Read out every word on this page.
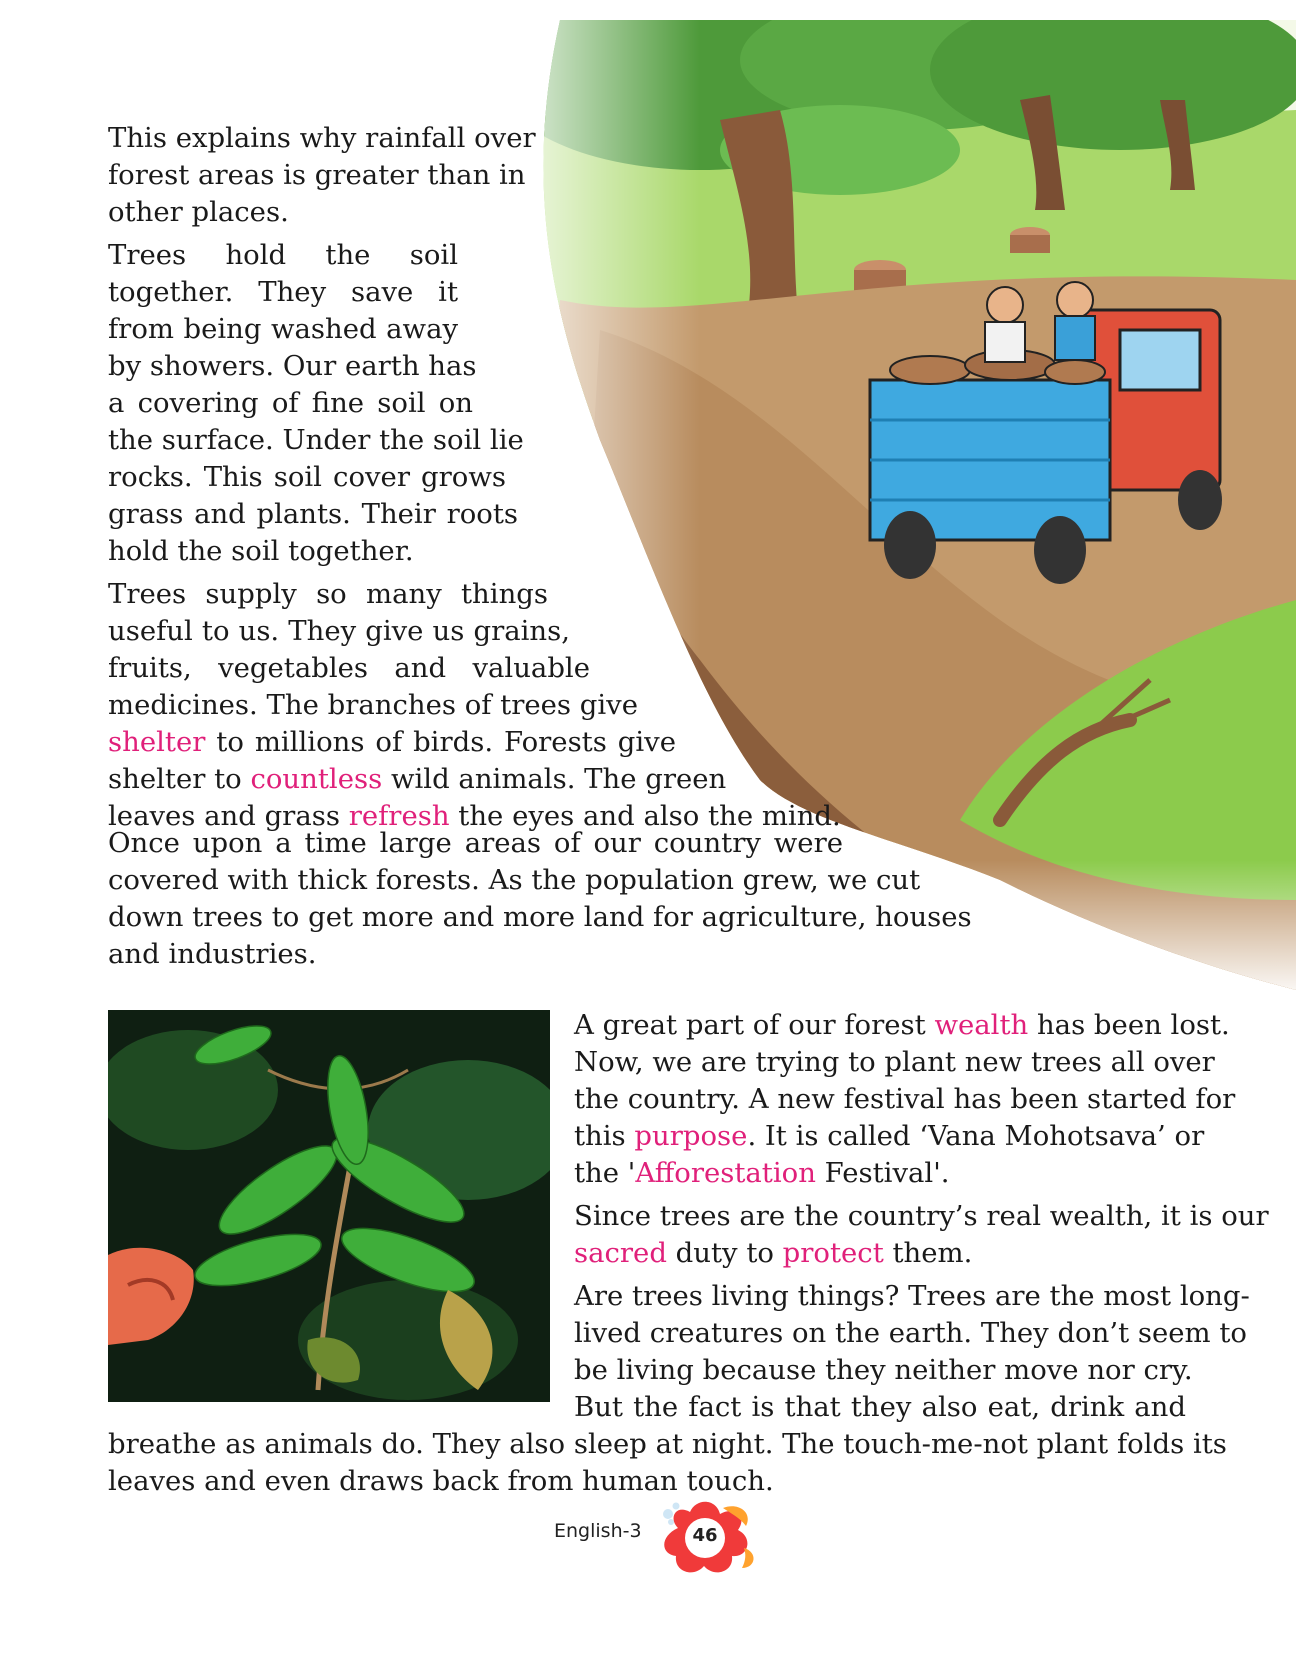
This explains why rainfall over
forest areas is greater than in
other places.
Trees hold the soil
together. They save it
from being washed away
by showers. Our earth has
a covering of fine soil on
the surface. Under the soil lie
rocks. This soil cover grows
grass and plants. Their roots
hold the soil together.
Trees supply so many things
useful to us. They give us grains,
fruits, vegetables and valuable
medicines. The branches of trees give
shelter to millions of birds. Forests give
shelter to countless wild animals. The green
leaves and grass refresh the eyes and also the mind.
Once upon a time large areas of our country were
covered with thick forests. As the population grew, we cut
down trees to get more and more land for agriculture, houses
and industries.
A great part of our forest wealth has been lost.
Now, we are trying to plant new trees all over
the country. A new festival has been started for
this purpose. It is called ‘Vana Mohotsava’ or
the 'Afforestation Festival'.
Since trees are the country’s real wealth, it is our
sacred duty to protect them.
Are trees living things? Trees are the most long-
lived creatures on the earth. They don’t seem to
be living because they neither move nor cry.
But the fact is that they also eat, drink and
breathe as animals do. They also sleep at night. The touch-me-not plant folds its
leaves and even draws back from human touch.
English-3	46
